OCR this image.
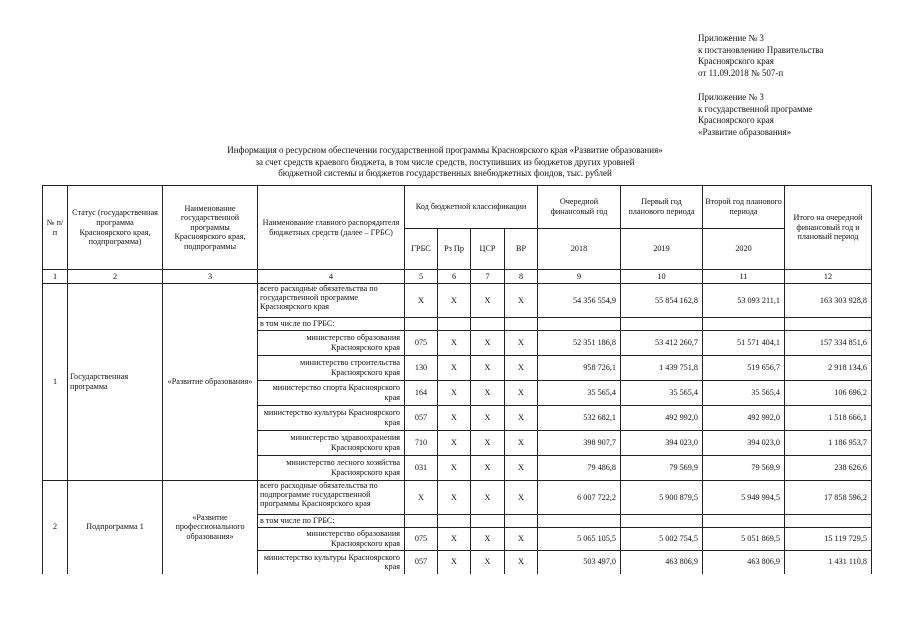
Приложение № 3
к постановлению Правительства
Красноярского края
от 11.09.2018 № 507-п
Приложение № 3
к государственной программе
Красноярского края
«Развитие образования»
Информация о ресурсном обеспечении государственной программы Красноярского края «Развитие образования»
за счет средств краевого бюджета, в том числе средств, поступивших из бюджетов других уровней
бюджетной системы и бюджетов государственных внебюджетных фондов, тыс. рублей
№ п/п	Статус (государственная программа Красноярского края, подпрограмма)	Наименование государственной программы Красноярского края, подпрограммы	Наименование главного распорядителя бюджетных средств (далее – ГРБС)	Код бюджетной классификации				Очередной финансовый год	Первый год планового периода	Второй год планового периода	Итого на очередной финансовый год и плановый период
				ГРБС	Рз Пр	ЦСР	ВР	2018	2019	2020	
1	2	3	4	5	6	7	8	9	10	11	12
1	Государственная программа	«Развитие образования»	всего расходные обязательства по государственной программе Красноярского края	Х	Х	Х	Х	54 356 554,9	55 854 162,8	53 093 211,1	163 303 928,8
			в том числе по ГРБС:								
			министерство образования Красноярского края	075	Х	Х	Х	52 351 186,8	53 412 260,7	51 571 404,1	157 334 851,6
			министерство строительства Красноярского края	130	Х	Х	Х	958 726,1	1 439 751,8	519 656,7	2 918 134,6
			министерство спорта Красноярского края	164	Х	Х	Х	35 565,4	35 565,4	35 565,4	106 696,2
			министерство культуры Красноярского края	057	Х	Х	Х	532 682,1	492 992,0	492 992,0	1 518 666,1
			министерство здравоохранения Красноярского края	710	Х	Х	Х	398 907,7	394 023,0	394 023,0	1 186 953,7
			министерство лесного хозяйства Красноярского края	031	Х	Х	Х	79 486,8	79 569,9	79 569,9	238 626,6
2	Подпрограмма 1	«Развитие профессионального образования»	всего расходные обязательства по подпрограмме государственной программы Красноярского края	Х	Х	Х	Х	6 007 722,2	5 900 879,5	5 949 994,5	17 858 596,2
			в том числе по ГРБС:								
			министерство образования Красноярского края	075	Х	Х	Х	5 065 105,5	5 002 754,5	5 051 869,5	15 119 729,5
			министерство культуры Красноярского края	057	Х	Х	Х	503 497,0	463 806,9	463 806,9	1 431 110,8
